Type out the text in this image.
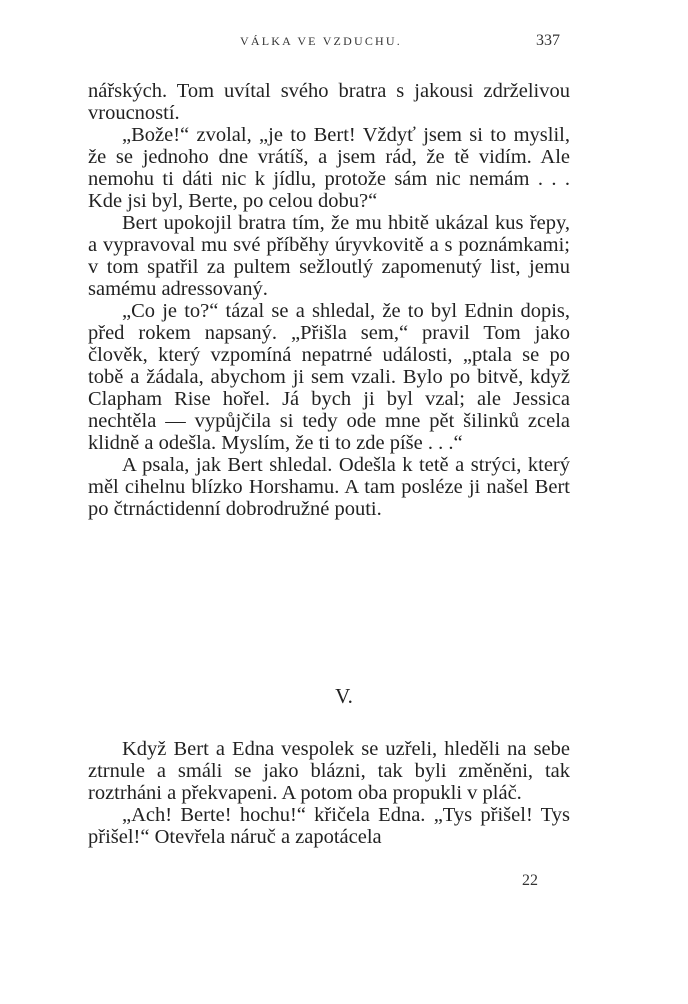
VÁLKA VE VZDUCHU.	337

nářských. Tom uvítal svého bratra s jakousi zdrželivou vroucností.

„Bože!“ zvolal, „je to Bert! Vždyť jsem si to myslil, že se jednoho dne vrátíš, a jsem rád, že tě vidím. Ale nemohu ti dáti nic k jídlu, protože sám nic nemám . . . Kde jsi byl, Berte, po celou dobu?“

Bert upokojil bratra tím, že mu hbitě ukázal kus řepy, a vypravoval mu své příběhy úryvkovitě a s poznámkami; v tom spatřil za pultem sežloutlý zapomenutý list, jemu samému adressovaný.

„Co je to?“ tázal se a shledal, že to byl Ednin dopis, před rokem napsaný. „Přišla sem,“ pravil Tom jako člověk, který vzpomíná nepatrné události, „ptala se po tobě a žádala, abychom ji sem vzali. Bylo po bitvě, když Clapham Rise hořel. Já bych ji byl vzal; ale Jessica nechtěla — vypůjčila si tedy ode mne pět šilinků zcela klidně a odešla. Myslím, že ti to zde píše . . .“

A psala, jak Bert shledal. Odešla k tetě a strýci, který měl cihelnu blízko Horshamu. A tam posléze ji našel Bert po čtrnáctidenní dobrodružné pouti.

V.

Když Bert a Edna vespolek se uzřeli, hleděli na sebe ztrnule a smáli se jako blázni, tak byli změněni, tak roztrháni a překvapeni. A potom oba propukli v pláč.

„Ach! Berte! hochu!“ křičela Edna. „Tys přišel! Tys přišel!“ Otevřela náruč a zapotácela

22
